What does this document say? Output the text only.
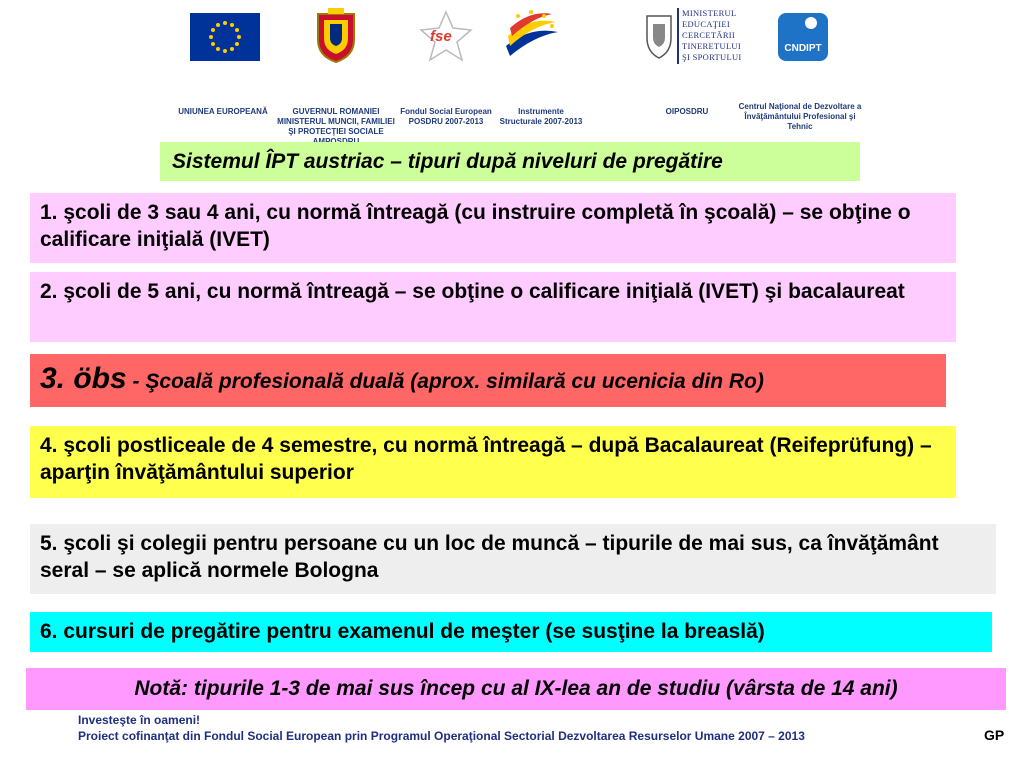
fse
MINISTERUL EDUCAŢIEI CERCETĂRII TINERETULUI ŞI SPORTULUI
CNDIPT
UNIUNEA EUROPEANĂ	GUVERNUL ROMANIEI MINISTERUL MUNCII, FAMILIEI ŞI PROTECŢIEI SOCIALE
Fondul Social European POSDRU 2007-2013
Instrumente Structurale 2007-2013
OIPOSDRU
Centrul Naţional de Dezvoltare a Învăţământului Profesional şi Tehnic
Sistemul ÎPT austriac – tipuri după niveluri de pregătire
1. şcoli de 3 sau 4 ani, cu normă întreagă (cu instruire completă în şcoală) – se obţine o calificare iniţială (IVET)
2. şcoli de 5 ani, cu normă întreagă – se obţine o calificare iniţială (IVET) şi bacalaureat
3. öbs - Şcoală profesională duală (aprox. similară cu ucenicia din Ro)
4. şcoli postliceale de 4 semestre, cu normă întreagă – după Bacalaureat (Reifeprüfung) – aparţin învăţământului superior
5. şcoli şi colegii pentru persoane cu un loc de muncă – tipurile de mai sus, ca învăţământ seral – se aplică normele Bologna
6. cursuri de pregătire pentru examenul de meşter (se susţine la breaslă)
Notă: tipurile 1-3 de mai sus încep cu al IX-lea an de studiu (vârsta de 14 ani)
Investeşte în oameni!
Proiect cofinanţat din Fondul Social European prin Programul Operaţional Sectorial Dezvoltarea Resurselor Umane 2007 – 2013	GP
